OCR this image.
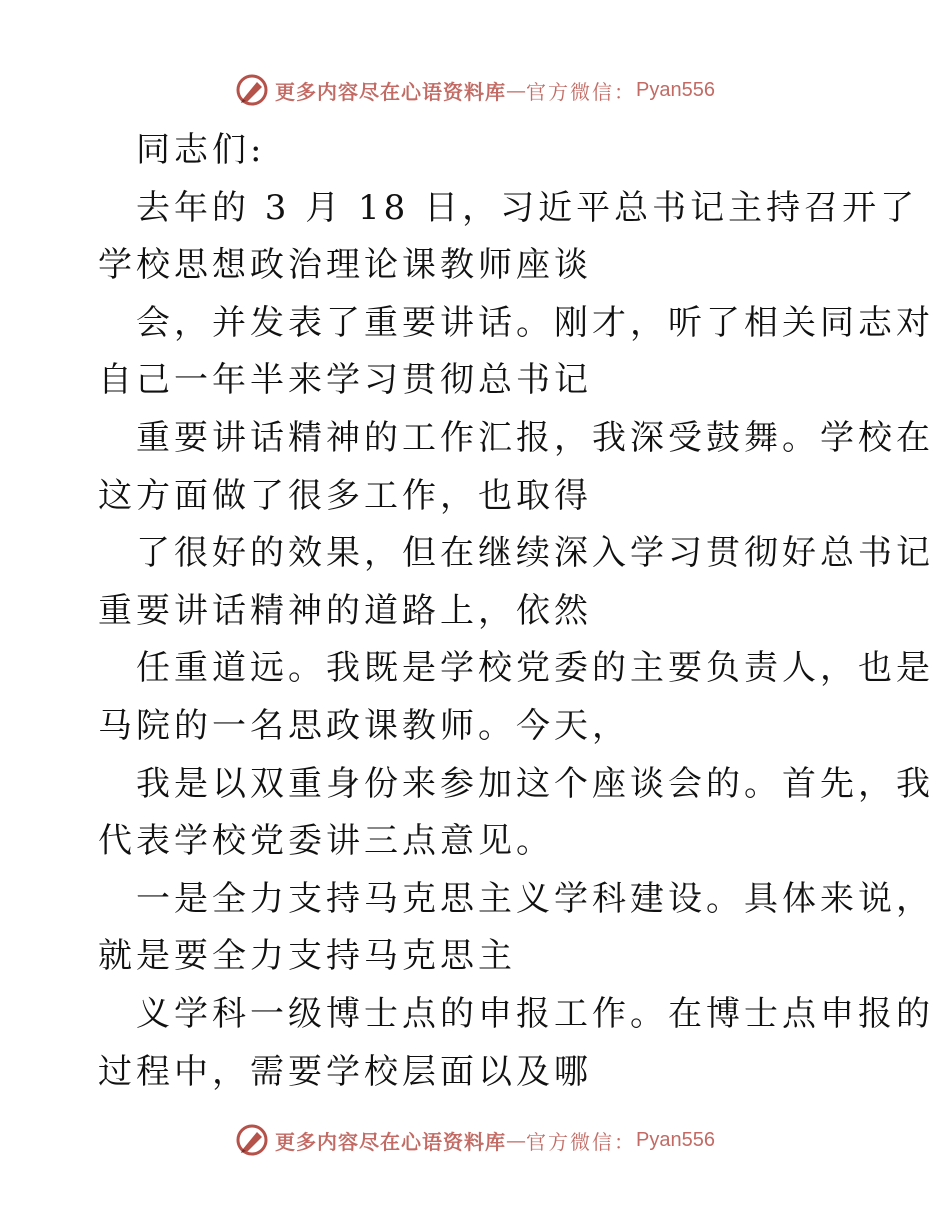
更多内容尽在心语资料库 — 官方微信： Pyan556
同志们:
去年的 3 月 18 日，习近平总书记主持召开了
学校思想政治理论课教师座谈
会，并发表了重要讲话。刚才，听了相关同志对
自己一年半来学习贯彻总书记
重要讲话精神的工作汇报，我深受鼓舞。学校在
这方面做了很多工作，也取得
了很好的效果，但在继续深入学习贯彻好总书记
重要讲话精神的道路上，依然
任重道远。我既是学校党委的主要负责人，也是
马院的一名思政课教师。今天，
我是以双重身份来参加这个座谈会的。首先，我
代表学校党委讲三点意见。
一是全力支持马克思主义学科建设。具体来说，
就是要全力支持马克思主
义学科一级博士点的申报工作。在博士点申报的
过程中，需要学校层面以及哪
更多内容尽在心语资料库 — 官方微信： Pyan556
